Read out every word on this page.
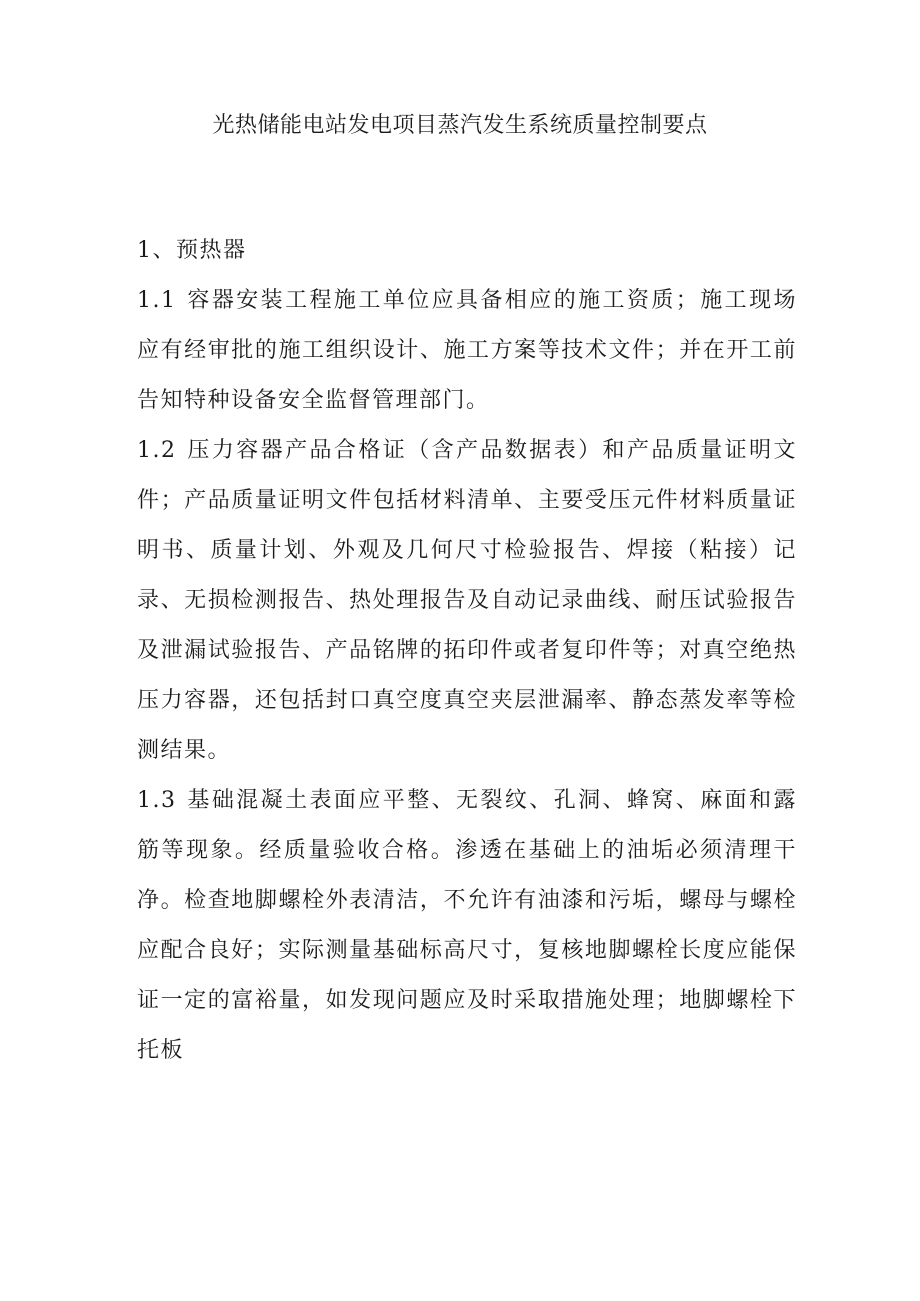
光热储能电站发电项目蒸汽发生系统质量控制要点

1、预热器

1.1 容器安装工程施工单位应具备相应的施工资质；施工现场应有经审批的施工组织设计、施工方案等技术文件；并在开工前告知特种设备安全监督管理部门。

1.2 压力容器产品合格证（含产品数据表）和产品质量证明文件；产品质量证明文件包括材料清单、主要受压元件材料质量证明书、质量计划、外观及几何尺寸检验报告、焊接（粘接）记录、无损检测报告、热处理报告及自动记录曲线、耐压试验报告及泄漏试验报告、产品铭牌的拓印件或者复印件等；对真空绝热压力容器，还包括封口真空度真空夹层泄漏率、静态蒸发率等检测结果。

1.3 基础混凝土表面应平整、无裂纹、孔洞、蜂窝、麻面和露筋等现象。经质量验收合格。渗透在基础上的油垢必须清理干净。检查地脚螺栓外表清洁，不允许有油漆和污垢，螺母与螺栓应配合良好；实际测量基础标高尺寸，复核地脚螺栓长度应能保证一定的富裕量，如发现问题应及时采取措施处理；地脚螺栓下托板
